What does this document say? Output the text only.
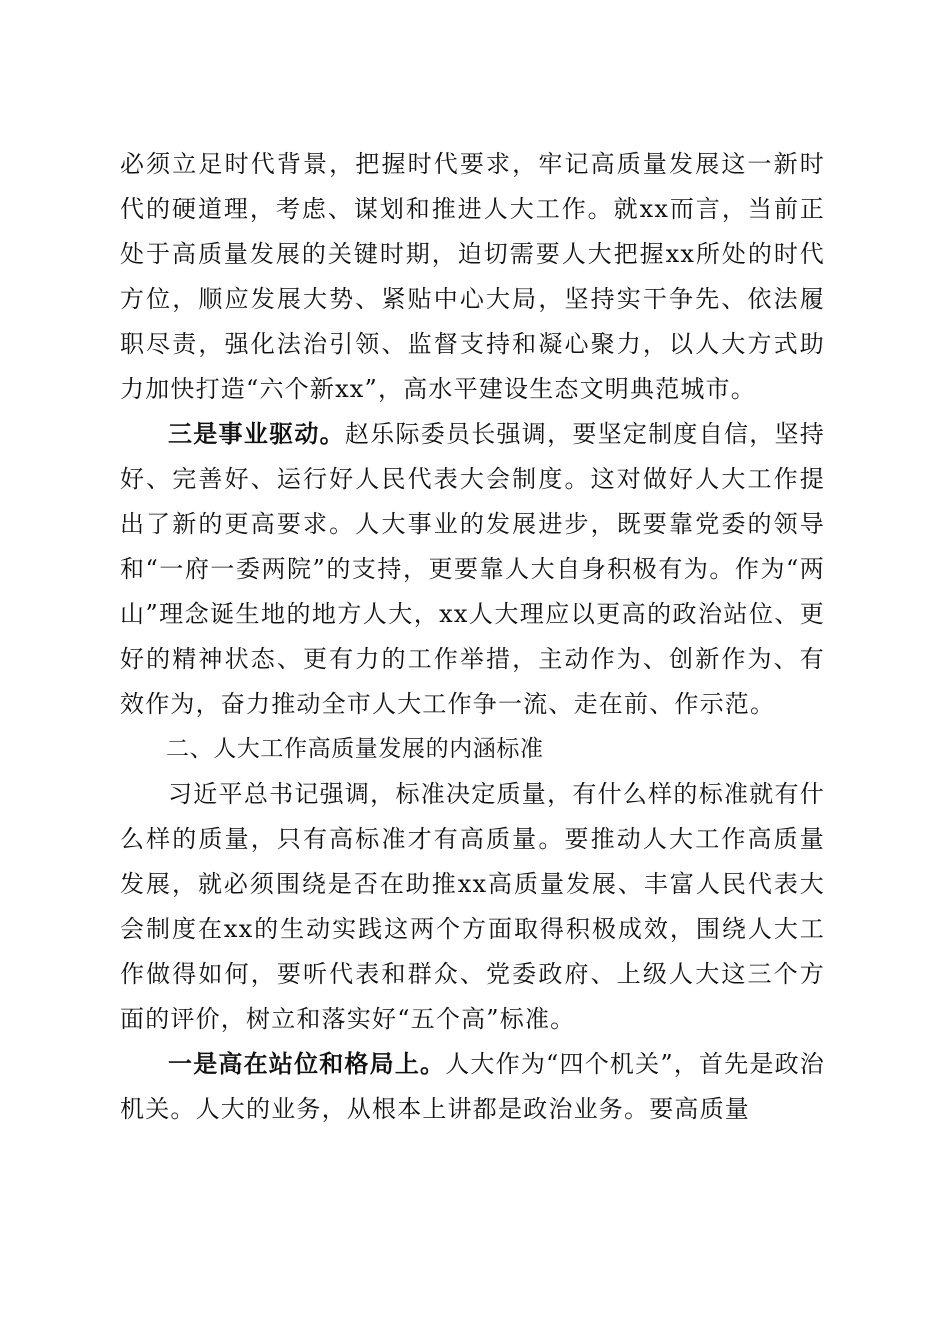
必须立足时代背景，把握时代要求，牢记高质量发展这一新时代的硬道理，考虑、谋划和推进人大工作。就xx而言，当前正处于高质量发展的关键时期，迫切需要人大把握xx所处的时代方位，顺应发展大势、紧贴中心大局，坚持实干争先、依法履职尽责，强化法治引领、监督支持和凝心聚力，以人大方式助力加快打造“六个新xx”，高水平建设生态文明典范城市。

三是事业驱动。赵乐际委员长强调，要坚定制度自信，坚持好、完善好、运行好人民代表大会制度。这对做好人大工作提出了新的更高要求。人大事业的发展进步，既要靠党委的领导和“一府一委两院”的支持，更要靠人大自身积极有为。作为“两山”理念诞生地的地方人大，xx人大理应以更高的政治站位、更好的精神状态、更有力的工作举措，主动作为、创新作为、有效作为，奋力推动全市人大工作争一流、走在前、作示范。

二、人大工作高质量发展的内涵标准

习近平总书记强调，标准决定质量，有什么样的标准就有什么样的质量，只有高标准才有高质量。要推动人大工作高质量发展，就必须围绕是否在助推xx高质量发展、丰富人民代表大会制度在xx的生动实践这两个方面取得积极成效，围绕人大工作做得如何，要听代表和群众、党委政府、上级人大这三个方面的评价，树立和落实好“五个高”标准。

一是高在站位和格局上。人大作为“四个机关”，首先是政治机关。人大的业务，从根本上讲都是政治业务。要高质量
